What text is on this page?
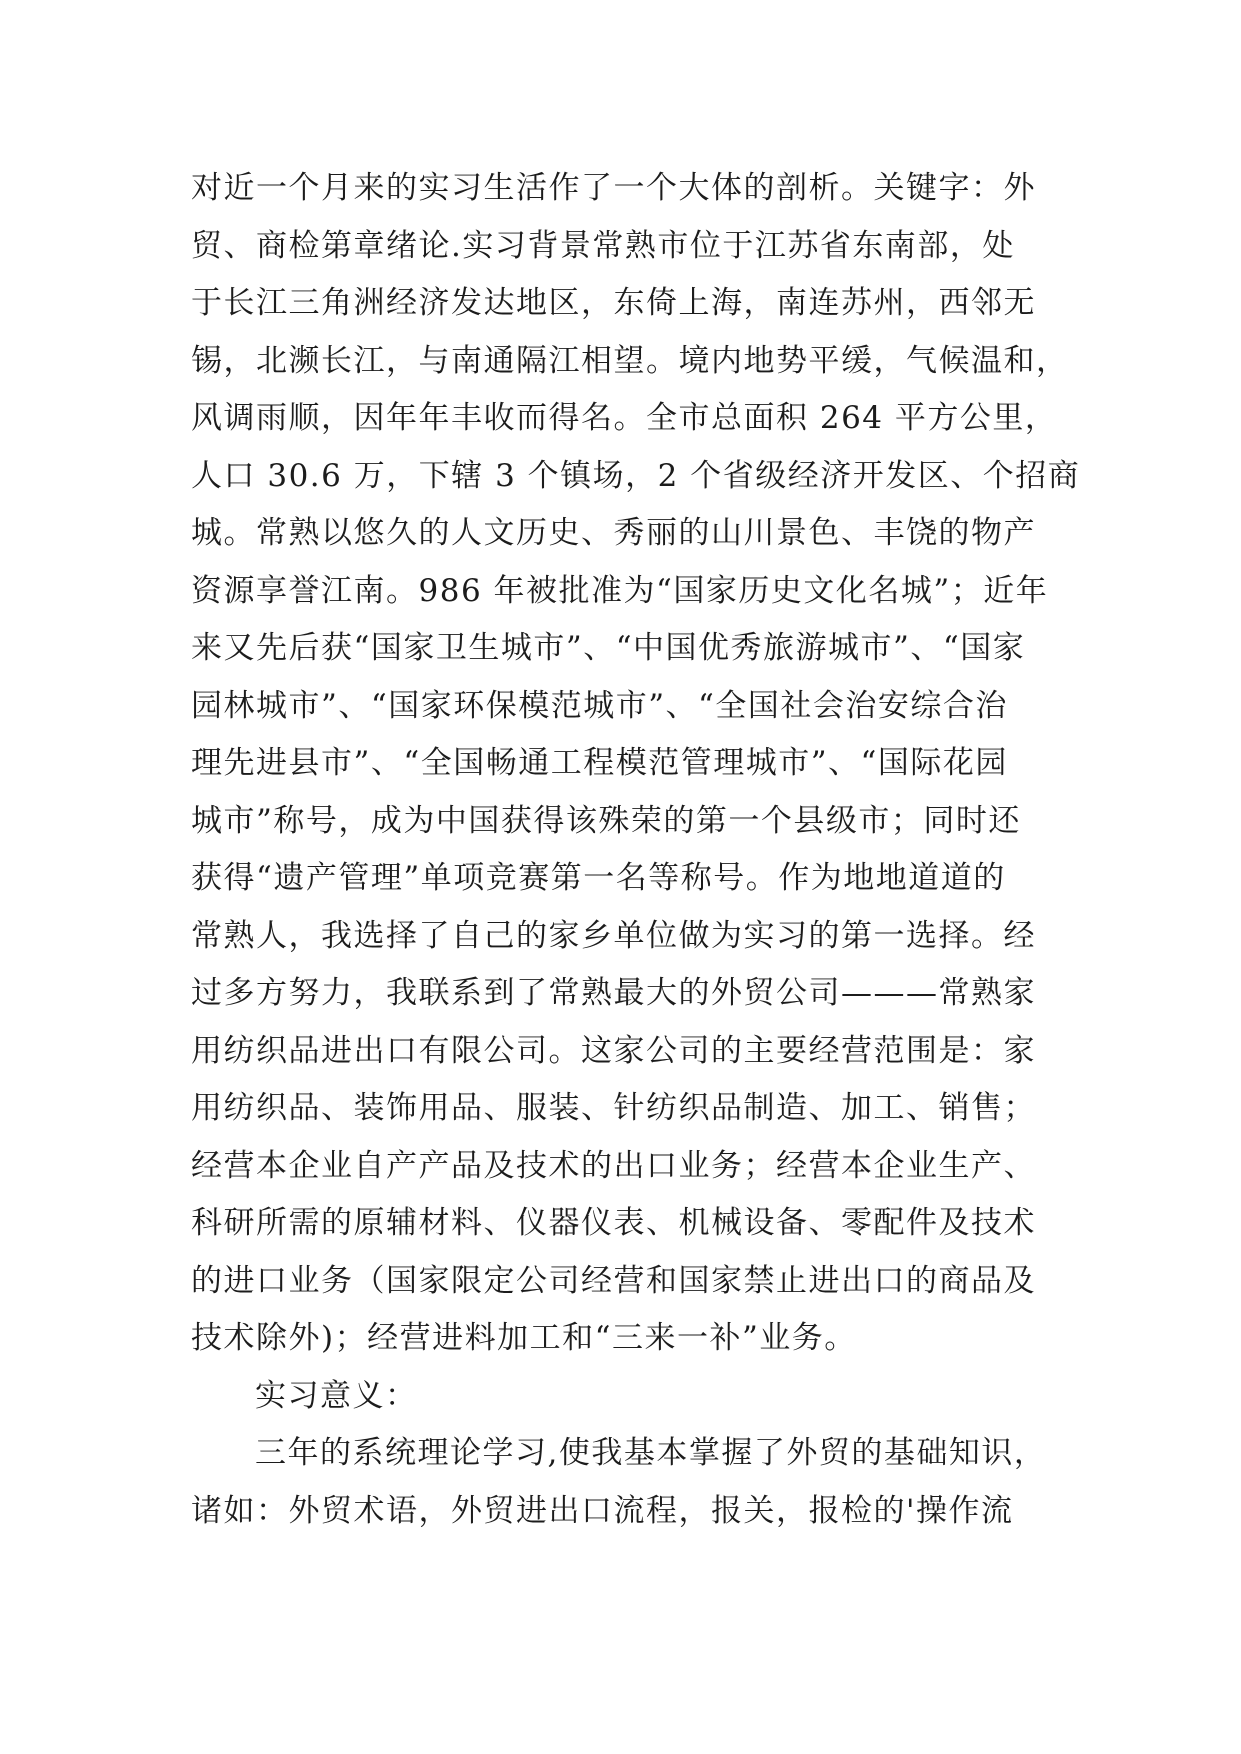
对近一个月来的实习生活作了一个大体的剖析。关键字：外
贸、商检第章绪论.实习背景常熟市位于江苏省东南部，处
于长江三角洲经济发达地区，东倚上海，南连苏州，西邻无
锡，北濒长江，与南通隔江相望。境内地势平缓，气候温和，
风调雨顺，因年年丰收而得名。全市总面积 264 平方公里，
人口 30.6 万，下辖 3 个镇场，2 个省级经济开发区、个招商
城。常熟以悠久的人文历史、秀丽的山川景色、丰饶的物产
资源享誉江南。986 年被批准为“国家历史文化名城”；近年
来又先后获“国家卫生城市”、“中国优秀旅游城市”、“国家
园林城市”、“国家环保模范城市”、“全国社会治安综合治
理先进县市”、“全国畅通工程模范管理城市”、“国际花园
城市”称号，成为中国获得该殊荣的第一个县级市；同时还
获得“遗产管理”单项竞赛第一名等称号。作为地地道道的
常熟人，我选择了自己的家乡单位做为实习的第一选择。经
过多方努力，我联系到了常熟最大的外贸公司———常熟家
用纺织品进出口有限公司。这家公司的主要经营范围是：家
用纺织品、装饰用品、服装、针纺织品制造、加工、销售；
经营本企业自产产品及技术的出口业务；经营本企业生产、
科研所需的原辅材料、仪器仪表、机械设备、零配件及技术
的进口业务（国家限定公司经营和国家禁止进出口的商品及
技术除外)；经营进料加工和“三来一补”业务。
实习意义：
三年的系统理论学习,使我基本掌握了外贸的基础知识，
诸如：外贸术语，外贸进出口流程，报关，报检的'操作流
